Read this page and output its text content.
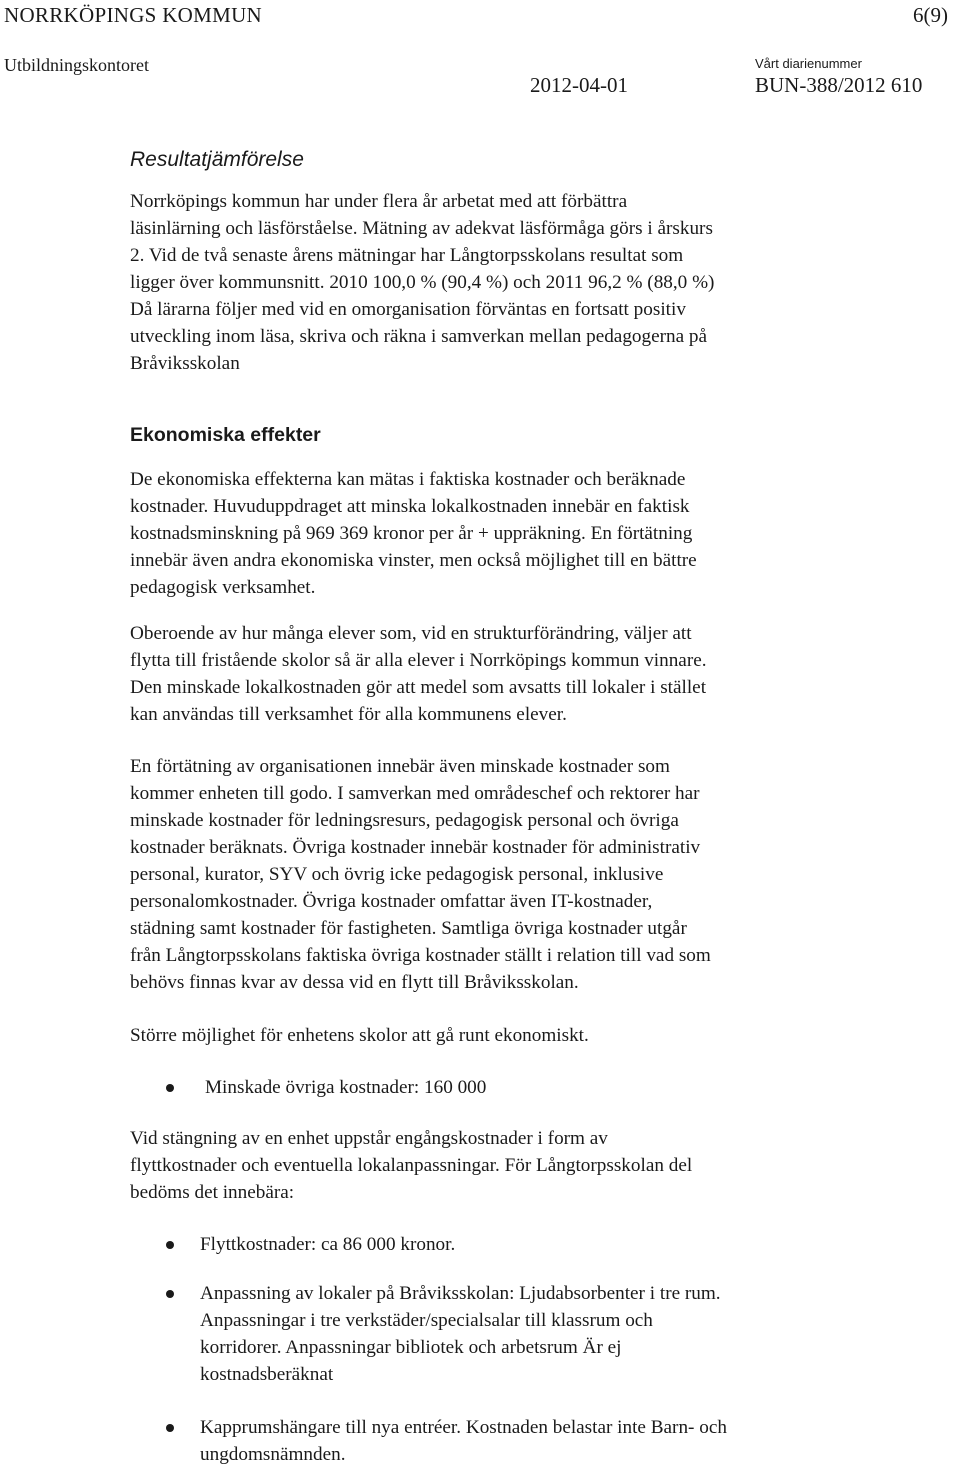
NORRKÖPINGS KOMMUN	6(9)
Utbildningskontoret
2012-04-01
Vårt diarienummer
BUN-388/2012 610
Resultatjämförelse
Norrköpings kommun har under flera år arbetat med att förbättra
läsinlärning och läsförståelse. Mätning av adekvat läsförmåga görs i årskurs
2. Vid de två senaste årens mätningar har Långtorpsskolans resultat som
ligger över kommunsnitt. 2010 100,0 % (90,4 %) och 2011 96,2 % (88,0 %)
Då lärarna följer med vid en omorganisation förväntas en fortsatt positiv
utveckling inom läsa, skriva och räkna i samverkan mellan pedagogerna på
Bråviksskolan
Ekonomiska effekter
De ekonomiska effekterna kan mätas i faktiska kostnader och beräknade
kostnader. Huvuduppdraget att minska lokalkostnaden innebär en faktisk
kostnadsminskning på 969 369 kronor per år + uppräkning. En förtätning
innebär även andra ekonomiska vinster, men också möjlighet till en bättre
pedagogisk verksamhet.
Oberoende av hur många elever som, vid en strukturförändring, väljer att
flytta till fristående skolor så är alla elever i Norrköpings kommun vinnare.
Den minskade lokalkostnaden gör att medel som avsatts till lokaler i stället
kan användas till verksamhet för alla kommunens elever.
En förtätning av organisationen innebär även minskade kostnader som
kommer enheten till godo. I samverkan med områdeschef och rektorer har
minskade kostnader för ledningsresurs, pedagogisk personal och övriga
kostnader beräknats. Övriga kostnader innebär kostnader för administrativ
personal, kurator, SYV och övrig icke pedagogisk personal, inklusive
personalomkostnader. Övriga kostnader omfattar även IT-kostnader,
städning samt kostnader för fastigheten. Samtliga övriga kostnader utgår
från Långtorpsskolans faktiska övriga kostnader ställt i relation till vad som
behövs finnas kvar av dessa vid en flytt till Bråviksskolan.
Större möjlighet för enhetens skolor att gå runt ekonomiskt.
Minskade övriga kostnader: 160 000
Vid stängning av en enhet uppstår engångskostnader i form av
flyttkostnader och eventuella lokalanpassningar. För Långtorpsskolan del
bedöms det innebära:
Flyttkostnader: ca 86 000 kronor.
Anpassning av lokaler på Bråviksskolan: Ljudabsorbenter i tre rum.
Anpassningar i tre verkstäder/specialsalar till klassrum och
korridorer. Anpassningar bibliotek och arbetsrum Är ej
kostnadsberäknat
Kapprumshängare till nya entréer. Kostnaden belastar inte Barn- och
ungdomsnämnden.
